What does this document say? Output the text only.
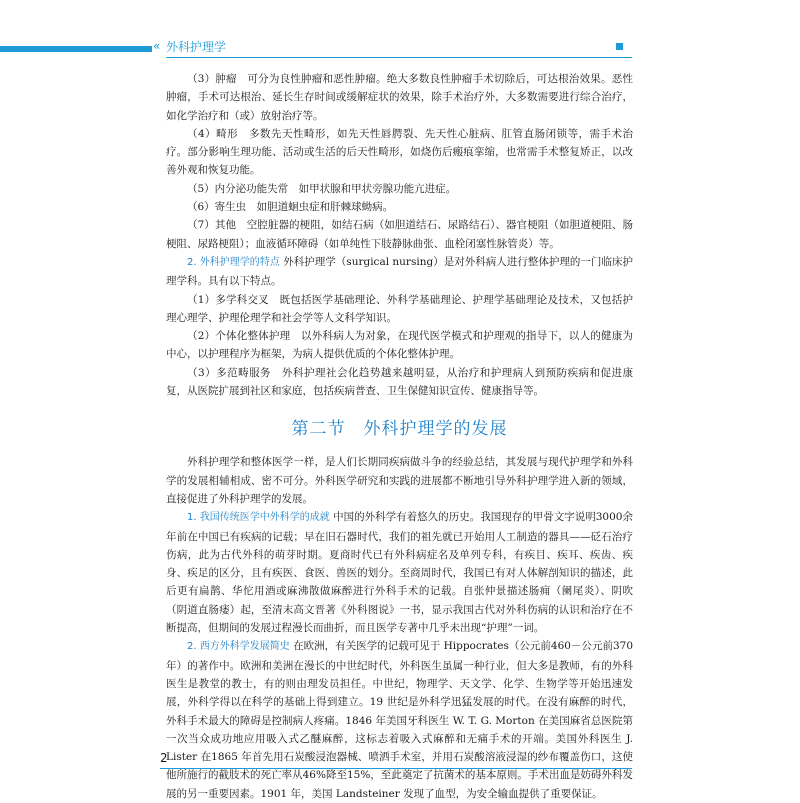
« 外科护理学

（3）肿瘤　可分为良性肿瘤和恶性肿瘤。绝大多数良性肿瘤手术切除后，可达根治效果。恶性肿瘤，手术可达根治、延长生存时间或缓解症状的效果，除手术治疗外，大多数需要进行综合治疗，如化学治疗和（或）放射治疗等。

（4）畸形　多数先天性畸形，如先天性唇腭裂、先天性心脏病、肛管直肠闭锁等，需手术治疗。部分影响生理功能、活动或生活的后天性畸形，如烧伤后瘢痕挛缩，也常需手术整复矫正，以改善外观和恢复功能。

（5）内分泌功能失常　如甲状腺和甲状旁腺功能亢进症。

（6）寄生虫　如胆道蛔虫症和肝棘球蚴病。

（7）其他　空腔脏器的梗阻，如结石病（如胆道结石、尿路结石）、器官梗阻（如胆道梗阻、肠梗阻、尿路梗阻）；血液循环障碍（如单纯性下肢静脉曲张、血栓闭塞性脉管炎）等。

2. 外科护理学的特点 外科护理学（surgical nursing）是对外科病人进行整体护理的一门临床护理学科。具有以下特点。

（1）多学科交叉　既包括医学基础理论、外科学基础理论、护理学基础理论及技术，又包括护理心理学、护理伦理学和社会学等人文科学知识。

（2）个体化整体护理　以外科病人为对象，在现代医学模式和护理观的指导下，以人的健康为中心，以护理程序为框架，为病人提供优质的个体化整体护理。

（3）多范畴服务　外科护理社会化趋势越来越明显，从治疗和护理病人到预防疾病和促进康复，从医院扩展到社区和家庭，包括疾病普查、卫生保健知识宣传、健康指导等。

第二节　外科护理学的发展

外科护理学和整体医学一样，是人们长期同疾病做斗争的经验总结，其发展与现代护理学和外科学的发展相辅相成、密不可分。外科医学研究和实践的进展都不断地引导外科护理学进入新的领域，直接促进了外科护理学的发展。

1. 我国传统医学中外科学的成就 中国的外科学有着悠久的历史。我国现存的甲骨文字说明3000余年前在中国已有疾病的记载；早在旧石器时代，我们的祖先就已开始用人工制造的器具——砭石治疗伤病，此为古代外科的萌芽时期。夏商时代已有外科病症名及单列专科，有疾目、疾耳、疾齿、疾身、疾足的区分，且有疾医、食医、兽医的划分。至商周时代，我国已有对人体解剖知识的描述，此后更有扁鹊、华佗用酒或麻沸散做麻醉进行外科手术的记载。自张仲景描述肠痈（阑尾炎）、阴吹（阴道直肠瘘）起，至清末高文晋著《外科图说》一书，显示我国古代对外科伤病的认识和治疗在不断提高，但期间的发展过程漫长而曲折，而且医学专著中几乎未出现“护理”一词。

2. 西方外科学发展简史 在欧洲，有关医学的记载可见于 Hippocrates（公元前460－公元前370年）的著作中。欧洲和美洲在漫长的中世纪时代，外科医生虽属一种行业，但大多是教师，有的外科医生是教堂的教士，有的则由理发员担任。中世纪，物理学、天文学、化学、生物学等开始迅速发展，外科学得以在科学的基础上得到建立。19 世纪是外科学迅猛发展的时代。在没有麻醉的时代，外科手术最大的障碍是控制病人疼痛。1846 年美国牙科医生 W. T. G. Morton 在美国麻省总医院第一次当众成功地应用吸入式乙醚麻醉，这标志着吸入式麻醉和无痛手术的开端。美国外科医生 J. Lister 在1865 年首先用石炭酸浸泡器械、喷洒手术室，并用石炭酸溶液浸湿的纱布覆盖伤口，这使他所施行的截肢术的死亡率从46%降至15%，至此奠定了抗菌术的基本原则。手术出血是妨碍外科发展的另一重要因素。1901 年，美国 Landsteiner 发现了血型，为安全输血提供了重要保证。

2
